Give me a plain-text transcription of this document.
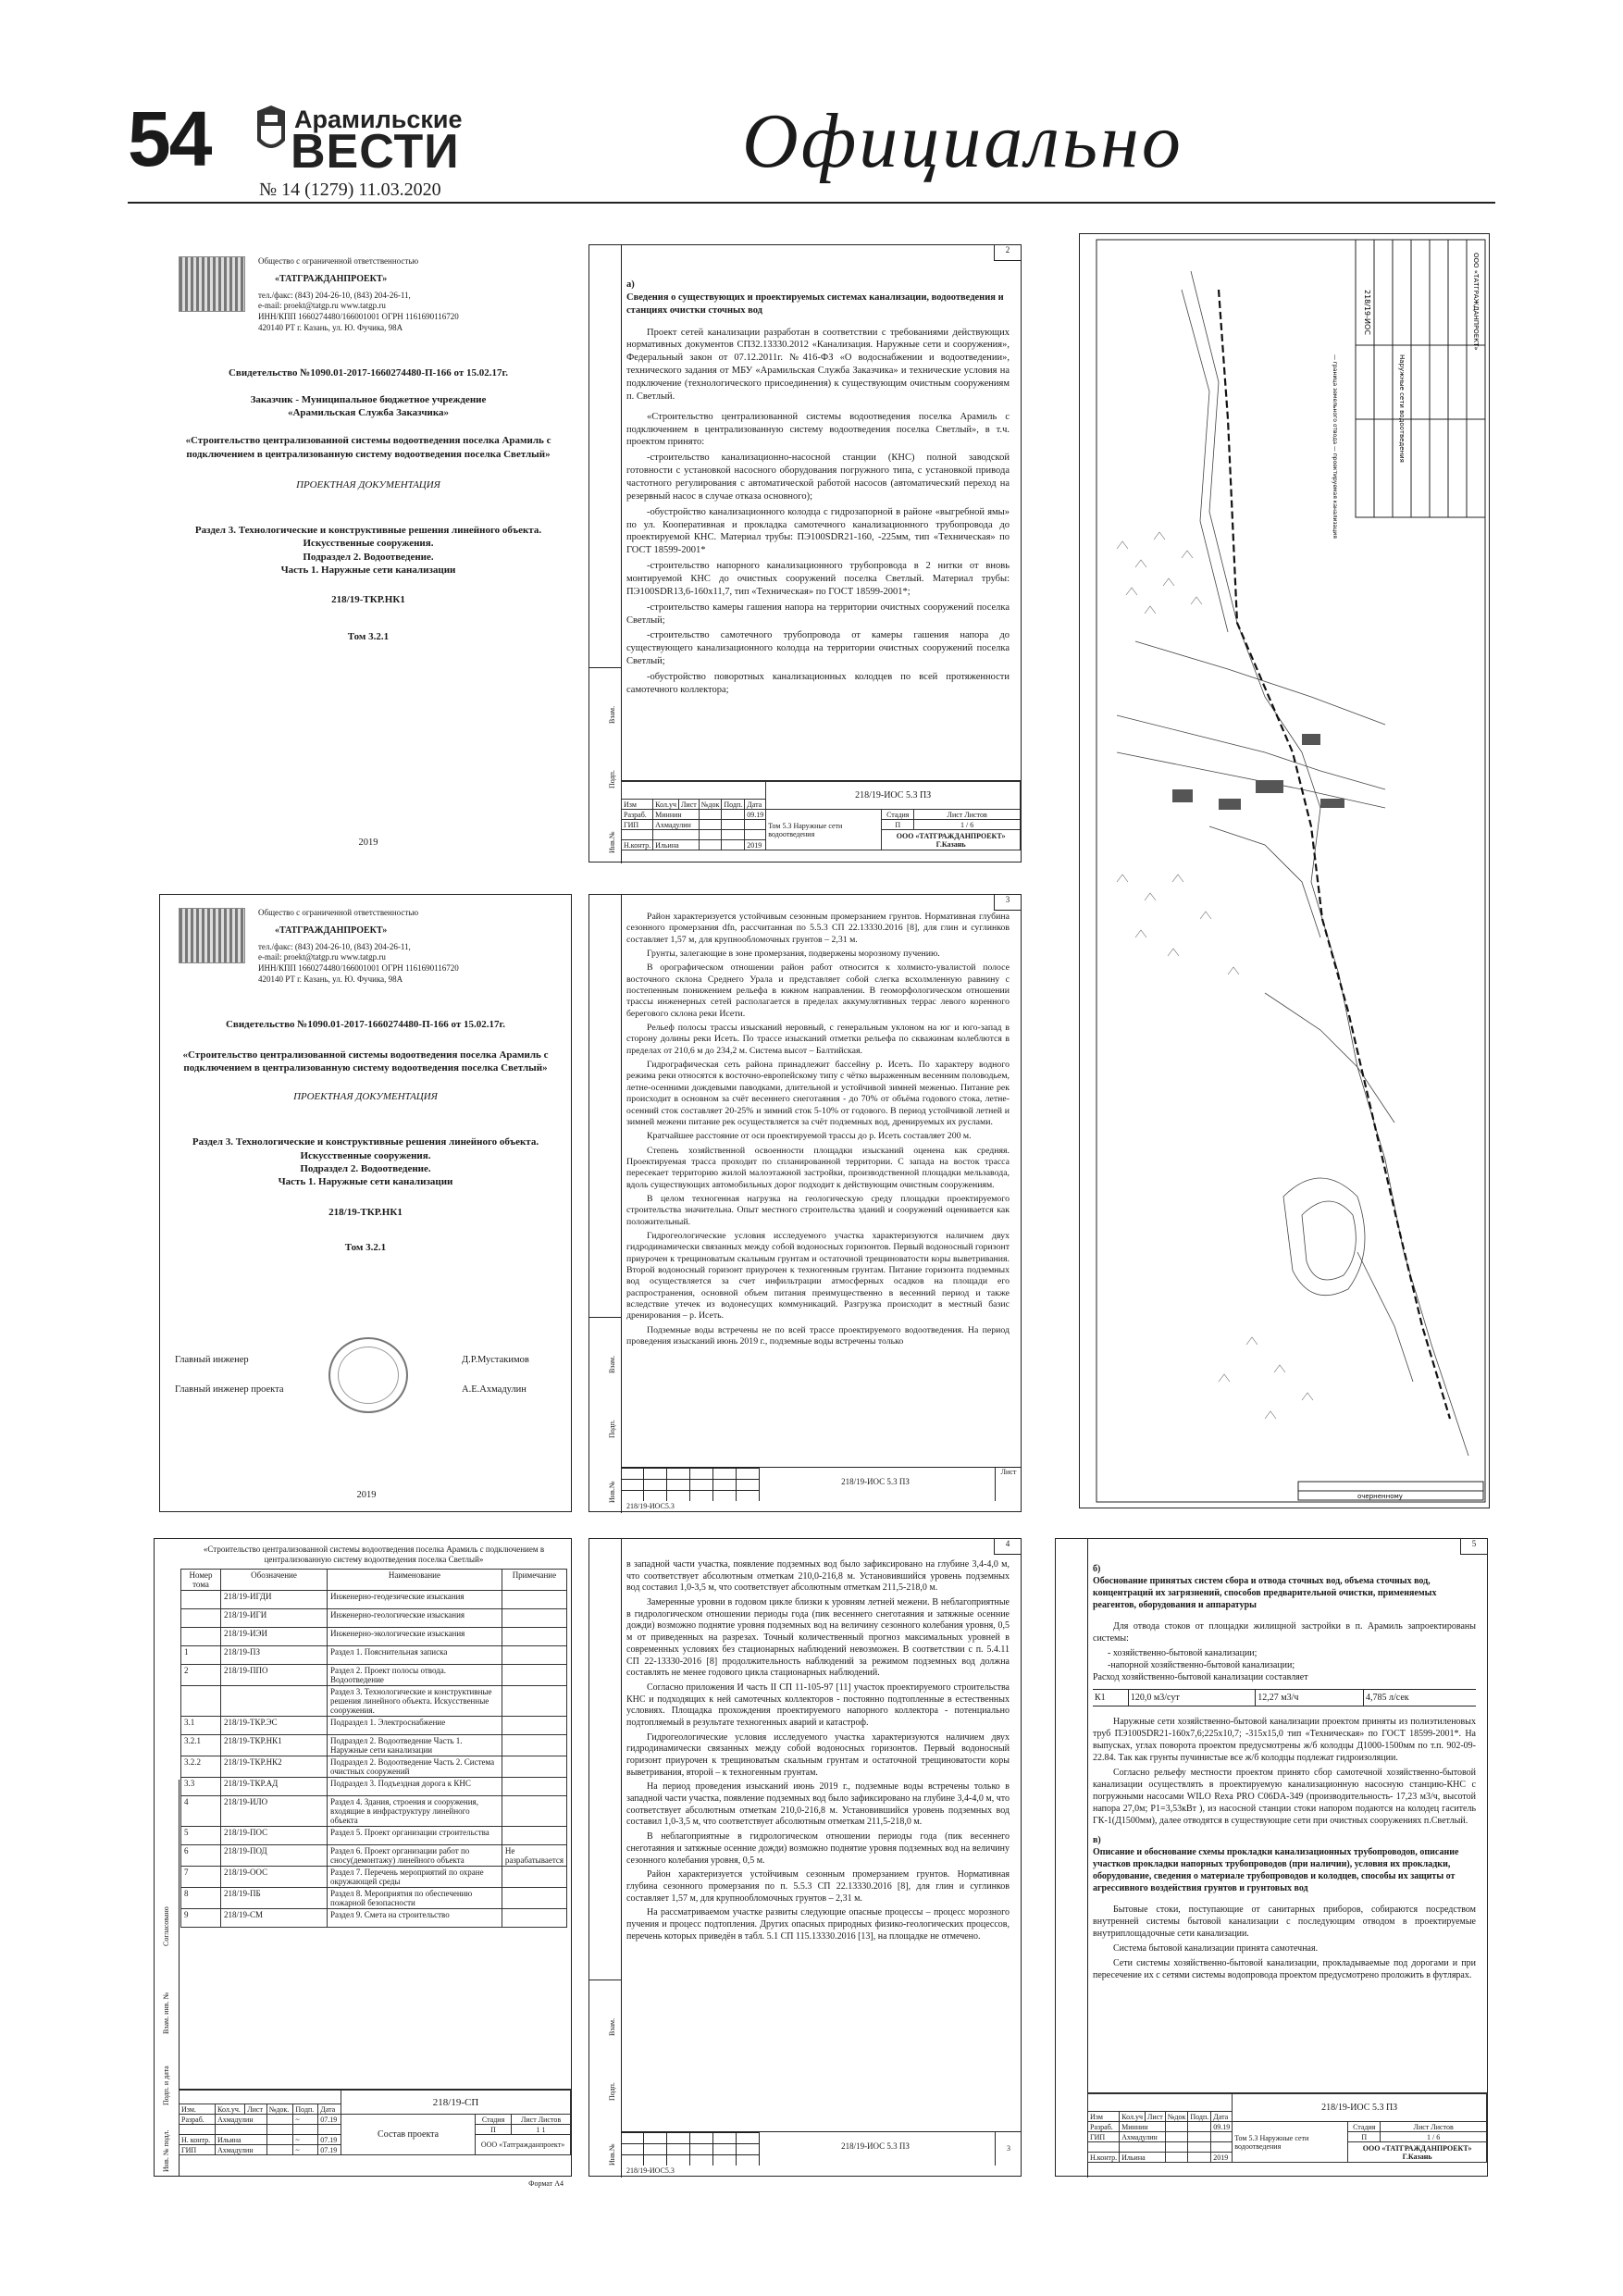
54	Арамильские
ВЕСТИ
№ 14 (1279) 11.03.2020
Официально
Общество с ограниченной ответственностью
«ТАТГРАЖДАНПРОЕКТ»
тел./факс: (843) 204-26-10, (843) 204-26-11,
e-mail: proekt@tatgp.ru www.tatgp.ru
ИНН/КПП 1660274480/166001001 ОГРН 1161690116720
420140 РТ г. Казань, ул. Ю. Фучика, 98А
Свидетельство №1090.01-2017-1660274480-П-166 от 15.02.17г.
Заказчик - Муниципальное бюджетное учреждение
«Арамильская Служба Заказчика»
«Строительство централизованной системы водоотведения поселка Арамиль с подключением в централизованную систему водоотведения поселка Светлый»
ПРОЕКТНАЯ ДОКУМЕНТАЦИЯ
Раздел 3. Технологические и конструктивные решения линейного объекта.
Искусственные сооружения.
Подраздел 2. Водоотведение.
Часть 1. Наружные сети канализации
218/19-ТКР.НК1
Том 3.2.1
2019
Общество с ограниченной ответственностью
«ТАТГРАЖДАНПРОЕКТ»
тел./факс: (843) 204-26-10, (843) 204-26-11,
e-mail: proekt@tatgp.ru www.tatgp.ru
ИНН/КПП 1660274480/166001001 ОГРН 1161690116720
420140 РТ г. Казань, ул. Ю. Фучика, 98А
Свидетельство №1090.01-2017-1660274480-П-166 от 15.02.17г.
«Строительство централизованной системы водоотведения поселка Арамиль с подключением в централизованную систему водоотведения поселка Светлый»
ПРОЕКТНАЯ ДОКУМЕНТАЦИЯ
Раздел 3. Технологические и конструктивные решения линейного объекта.
Искусственные сооружения.
Подраздел 2. Водоотведение.
Часть 1. Наружные сети канализации
218/19-ТКР.НК1
Том 3.2.1
Главный инженер	Д.Р.Мустакимов
Главный инженер проекта	А.Е.Ахмадулин
2019
2
Взам.
Подп.
Инв.№
а)
Сведения о существующих и проектируемых системах канализации, водоотведения и станциях очистки сточных вод

Проект сетей канализации разработан в соответствии с требованиями действующих нормативных документов СП32.13330.2012 «Канализация. Наружные сети и сооружения», Федеральный закон от 07.12.2011г. №416-ФЗ «О водоснабжении и водоотведении», технического задания от МБУ «Арамильская Служба Заказчика» и технические условия на подключение (технологического присоединения) к существующим очистным сооружениям п. Светлый.

«Строительство централизованной системы водоотведения поселка Арамиль с подключением в централизованную систему водоотведения поселка Светлый», в т.ч. проектом принято:

-строительство канализационно-насосной станции (КНС) полной заводской готовности с установкой насосного оборудования погружного типа, с установкой привода частотного регулирования с автоматической работой насосов (автоматический переход на резервный насос в случае отказа основного);

-обустройство канализационного колодца с гидрозапорной в районе «выгребной ямы» по ул. Кооперативная и прокладка самотечного канализационного трубопровода до проектируемой КНС. Материал трубы: ПЭ100SDR21-160, -225мм, тип «Техническая» по ГОСТ 18599-2001*

-строительство напорного канализационного трубопровода в 2 нитки от вновь монтируемой КНС до очистных сооружений поселка Светлый. Материал трубы: ПЭ100SDR13,6-160х11,7, тип «Техническая» по ГОСТ 18599-2001*;

-строительство камеры гашения напора на территории очистных сооружений поселка Светлый;

-строительство самотечного трубопровода от камеры гашения напора до существующего канализационного колодца на территории очистных сооружений поселка Светлый;

-обустройство поворотных канализационных колодцев по всей протяженности самотечного коллектора;

						218/19-ИОС 5.3 ПЗ		
Изм	Кол.уч	Лист	№док	Подп.	Дата			
Разраб.	Миннин				09.19	Том 5.3 Наружные сети водоотведения	Стадия	Лист Листов
ГИП	Ахмадулин						П	1 / 6
							ООО «ТАТГРАЖДАНПРОЕКТ» Г.Казань	
Н.контр.	Ильина				2019			
3
Взам.
Подп.
Инв.№

Район характеризуется устойчивым сезонным промерзанием грунтов. Нормативная глубина сезонного промерзания dfn, рассчитанная по 5.5.3 СП 22.13330.2016 [8], для глин и суглинков составляет 1,57 м, для крупнообломочных грунтов – 2,31 м.

Грунты, залегающие в зоне промерзания, подвержены морозному пучению.

В орографическом отношении район работ относится к холмисто-увалистой полосе восточного склона Среднего Урала и представляет собой слегка всхолмленную равнину с постепенным понижением рельефа в южном направлении. В геоморфологическом отношении трассы инженерных сетей располагается в пределах аккумулятивных террас левого коренного берегового склона реки Исети.

Рельеф полосы трассы изысканий неровный, с генеральным уклоном на юг и юго-запад в сторону долины реки Исеть. По трассе изысканий отметки рельефа по скважинам колеблются в пределах от 210,6 м до 234,2 м. Система высот – Балтийская.

Гидрографическая сеть района принадлежит бассейну р. Исеть. По характеру водного режима реки относятся к восточно-европейскому типу с чётко выраженным весенним половодьем, летне-осенними дождевыми паводками, длительной и устойчивой зимней меженью. Питание рек происходит в основном за счёт весеннего снеготаяния - до 70% от объёма годового стока, летне-осенний сток составляет 20-25% и зимний сток 5-10% от годового. В период устойчивой летней и зимней межени питание рек осуществляется за счёт подземных вод, дренируемых их руслами.

Кратчайшее расстояние от оси проектируемой трассы до р. Исеть составляет 200 м.

Степень хозяйственной освоенности площадки изысканий оценена как средняя. Проектируемая трасса проходит по спланированной территории. С запада на восток трасса пересекает территорию жилой малоэтажной застройки, производственной площадки мельзавода, вдоль существующих автомобильных дорог подходит к действующим очистным сооружениям.

В целом техногенная нагрузка на геологическую среду площадки проектируемого строительства значительна. Опыт местного строительства зданий и сооружений оценивается как положительный.

Гидрогеологические условия исследуемого участка характеризуются наличием двух гидродинамически связанных между собой водоносных горизонтов. Первый водоносный горизонт приурочен к трещиноватым скальным грунтам и остаточной трещиноватости коры выветривания. Второй водоносный горизонт приурочен к техногенным грунтам. Питание горизонта подземных вод осуществляется за счет инфильтрации атмосферных осадков на площади его распространения, основной объем питания преимущественно в весенний период и также вследствие утечек из водонесущих коммуникаций. Разгрузка происходит в местный базис дренирования – р. Исеть.

Подземные воды встречены не по всей трассе проектируемого водоотведения. На период проведения изысканий июнь 2019 г., подземные воды встречены только

218/19-ИОС 5.3 ПЗ
Лист
218/19-ИОС5.3
Согласовано
Взам. инв. №
Подп. и дата
Инв. № подл.
«Строительство централизованной системы водоотведения поселка Арамиль с подключением в централизованную систему водоотведения поселка Светлый»
Номер тома	Обозначение	Наименование	Примечание
	218/19-ИГДИ	Инженерно-геодезические изыскания	
	218/19-ИГИ	Инженерно-геологические изыскания	
	218/19-ИЭИ	Инженерно-экологические изыскания	
1	218/19-ПЗ	Раздел 1. Пояснительная записка	
2	218/19-ППО	Раздел 2. Проект полосы отвода. Водоотведение	
		Раздел 3. Технологические и конструктивные решения линейного объекта. Искусственные сооружения.	
3.1	218/19-ТКР.ЭС	Подраздел 1. Электроснабжение	
3.2.1	218/19-ТКР.НК1	Подраздел 2. Водоотведение Часть 1. Наружные сети канализации	
3.2.2	218/19-ТКР.НК2	Подраздел 2. Водоотведение Часть 2. Система очистных сооружений	
3.3	218/19-ТКР.АД	Подраздел 3. Подъездная дорога к КНС	
4	218/19-ИЛО	Раздел 4. Здания, строения и сооружения, входящие в инфраструктуру линейного объекта	
5	218/19-ПОС	Раздел 5. Проект организации строительства	
6	218/19-ПОД	Раздел 6. Проект организации работ по сносу(демонтажу) линейного объекта	Не разрабатывается
7	218/19-ООС	Раздел 7. Перечень мероприятий по охране окружающей среды	
8	218/19-ПБ	Раздел 8. Мероприятия по обеспечению пожарной безопасности	
9	218/19-СМ	Раздел 9. Смета на строительство	
						218/19-СП		
Изм.	Кол.уч.	Лист	№док.	Подп.	Дата			
Разраб.	Ахмадулин			~	07.19	Состав проекта	Стадия	Лист Листов
							П	1 1
Н. контр.	Ильина			~	07.19		ООО «Татгражданпроект»	
ГИП	Ахмадулин			~	07.19			
Формат А4
4
Взам.
Подп.
Инв.№

в западной части участка, появление подземных вод было зафиксировано на глубине 3,4-4,0 м, что соответствует абсолютным отметкам 210,0-216,8 м. Установившийся уровень подземных вод составил 1,0-3,5 м, что соответствует абсолютным отметкам 211,5-218,0 м.

Замеренные уровни в годовом цикле близки к уровням летней межени. В неблагоприятные в гидрологическом отношении периоды года (пик весеннего снеготаяния и затяжные осенние дожди) возможно поднятие уровня подземных вод на величину сезонного колебания уровня, 0,5 м от приведенных на разрезах. Точный количественный прогноз максимальных уровней в современных условиях без стационарных наблюдений невозможен. В соответствии с п. 5.4.11 СП 22-13330-2016 [8] продолжительность наблюдений за режимом подземных вод должна составлять не менее годового цикла стационарных наблюдений.

Согласно приложения И часть II СП 11-105-97 [11] участок проектируемого строительства КНС и подходящих к ней самотечных коллекторов - постоянно подтопленные в естественных условиях. Площадка прохождения проектируемого напорного коллектора - потенциально подтопляемый в результате техногенных аварий и катастроф.

Гидрогеологические условия исследуемого участка характеризуются наличием двух гидродинамически связанных между собой водоносных горизонтов. Первый водоносный горизонт приурочен к трещиноватым скальным грунтам и остаточной трещиноватости коры выветривания, второй – к техногенным грунтам.

На период проведения изысканий июнь 2019 г., подземные воды встречены только в западной части участка, появление подземных вод было зафиксировано на глубине 3,4-4,0 м, что соответствует абсолютным отметкам 210,0-216,8 м. Установившийся уровень подземных вод составил 1,0-3,5 м, что соответствует абсолютным отметкам 211,5-218,0 м.

В неблагоприятные в гидрологическом отношении периоды года (пик весеннего снеготаяния и затяжные осенние дожди) возможно поднятие уровня подземных вод на величину сезонного колебания уровня, 0,5 м.

Район характеризуется устойчивым сезонным промерзанием грунтов. Нормативная глубина сезонного промерзания по п. 5.5.3 СП 22.13330.2016 [8], для глин и суглинков составляет 1,57 м, для крупнообломочных грунтов – 2,31 м.

На рассматриваемом участке развиты следующие опасные процессы – процесс морозного пучения и процесс подтопления. Других опасных природных физико-геологических процессов, перечень которых приведён в табл. 5.1 СП 115.13330.2016 [13], на площадке не отмечено.

218/19-ИОС 5.3 ПЗ	3
218/19-ИОС5.3
5
б)
Обоснование принятых систем сбора и отвода сточных вод, объема сточных вод, концентраций их загрязнений, способов предварительной очистки, применяемых реагентов, оборудования и аппаратуры

Для отвода стоков от площадки жилищной застройки в п. Арамиль запроектированы системы:

- хозяйственно-бытовой канализации;
-напорной хозяйственно-бытовой канализации;
Расход хозяйственно-бытовой канализации составляет
К1	120,0 м3/сут	12,27 м3/ч	4,785 л/сек

Наружные сети хозяйственно-бытовой канализации проектом приняты из полиэтиленовых труб ПЭ100SDR21-160х7,6;225х10,7; -315х15,0 тип «Техническая» по ГОСТ 18599-2001*. На выпусках, углах поворота проектом предусмотрены ж/б колодцы Д1000-1500мм по т.п. 902-09-22.84. Так как грунты пучинистые все ж/б колодцы подлежат гидроизоляции.

Согласно рельефу местности проектом принято сбор самотечной хозяйственно-бытовой канализации осуществлять в проектируемую канализационную насосную станцию-КНС с погружными насосами WILO Rexa PRO C06DA-349 (производительность- 17,23 м3/ч, высотой напора 27,0м; P1=3,53кВт ), из насосной станции стоки напором подаются на колодец гаситель ГК-1(Д1500мм), далее отводятся в существующие сети при очистных сооружениях п.Светлый.

в)
Описание и обоснование схемы прокладки канализационных трубопроводов, описание участков прокладки напорных трубопроводов (при наличии), условия их прокладки, оборудование, сведения о материале трубопроводов и колодцев, способы их защиты от агрессивного воздействия грунтов и грунтовых вод

Бытовые стоки, поступающие от санитарных приборов, собираются посредством внутренней системы бытовой канализации с последующим отводом в проектируемые внутриплощадочные сети канализации.

Система бытовой канализации принята самотечная.

Сети системы хозяйственно-бытовой канализации, прокладываемые под дорогами и при пересечение их с сетями системы водопровода проектом предусмотрено проложить в футлярах.

						218/19-ИОС 5.3 ПЗ		
Изм	Кол.уч	Лист	№док	Подп.	Дата			
Разраб.	Миннин				09.19	Том 5.3 Наружные сети водоотведения	Стадия	Лист Листов
ГИП	Ахмадулин						П	1 / 6
							ООО «ТАТГРАЖДАНПРОЕКТ» Г.Казань	
Н.контр.	Ильина				2019			
218/19-ИОС
Наружные сети водоотведения
ООО «ТАТГРАЖДАНПРОЕКТ»
— граница земельного отвода — проектируемая канализация
очерненному
